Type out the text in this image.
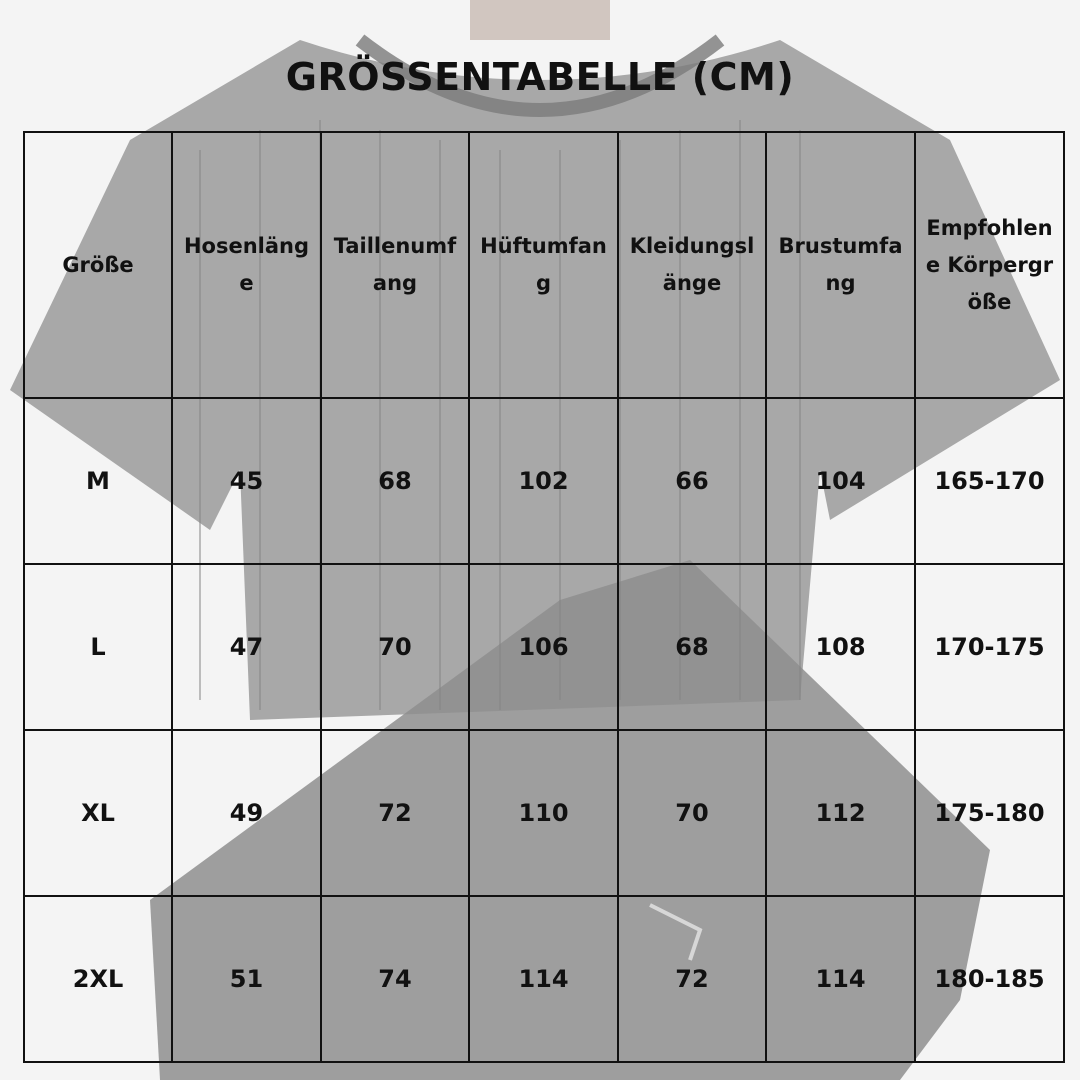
GRÖSSENTABELLE (CM)
Größe	Hosenlänge	Taillenumfang	Hüftumfang	Kleidungslänge	Brustumfang	Empfohlene Körpergröße
M	45	68	102	66	104	165-170
L	47	70	106	68	108	170-175
XL	49	72	110	70	112	175-180
2XL	51	74	114	72	114	180-185
